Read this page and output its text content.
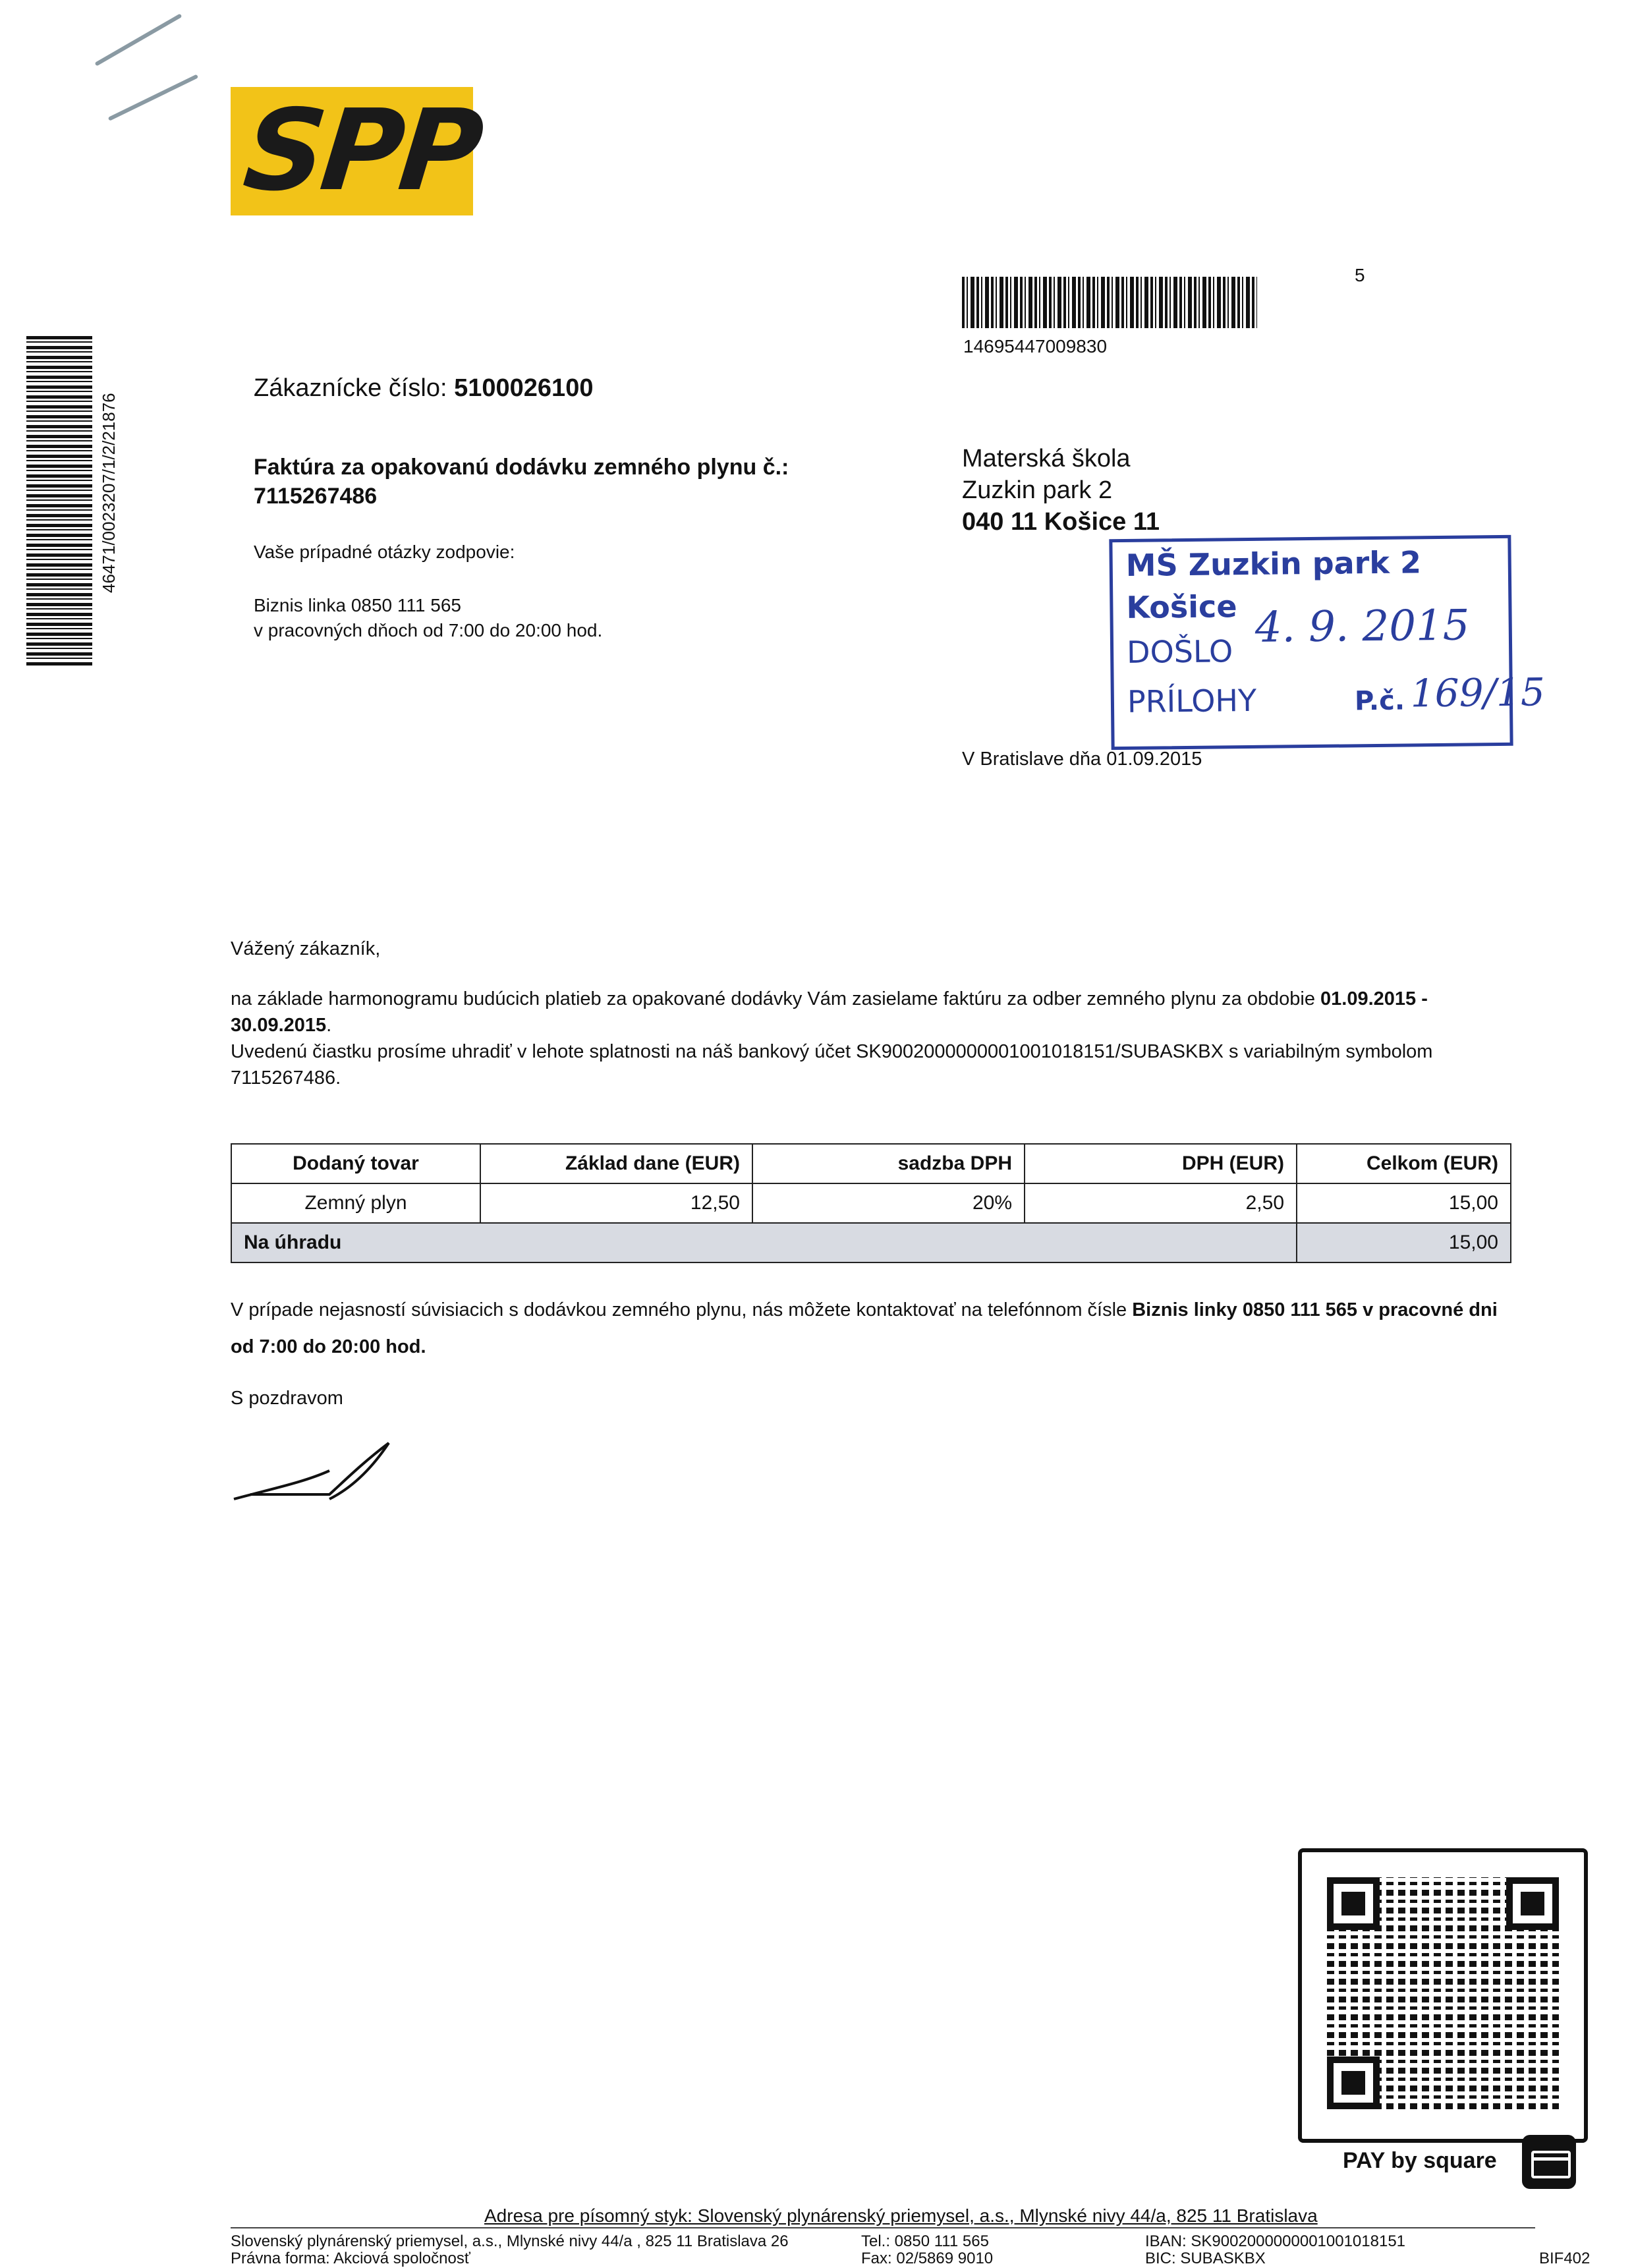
SPP
46471/0023207/1/2/21876
14695447009830
5
Zákaznícke číslo: 5100026100
Faktúra za opakovanú dodávku zemného plynu č.:
7115267486
Vaše prípadné otázky zodpovie:
Biznis linka 0850 111 565
v pracovných dňoch od 7:00 do 20:00 hod.
Materská škola
Zuzkin park 2
040 11 Košice 11
MŠ Zuzkin park 2
Košice
DOŠLO
PRÍLOHY	P.č.
4. 9. 2015
169/15
V Bratislave dňa 01.09.2015
Vážený zákazník,
na základe harmonogramu budúcich platieb za opakované dodávky Vám zasielame faktúru za odber zemného plynu za obdobie 01.09.2015 - 30.09.2015.
Uvedenú čiastku prosíme uhradiť v lehote splatnosti na náš bankový účet SK9002000000001001018151/SUBASKBX s variabilným symbolom 7115267486.
Dodaný tovar	Základ dane (EUR)	sadzba DPH	DPH (EUR)	Celkom (EUR)
Zemný plyn	12,50	20%	2,50	15,00
Na úhradu				15,00
V prípade nejasností súvisiacich s dodávkou zemného plynu, nás môžete kontaktovať na telefónnom čísle Biznis linky 0850 111 565 v pracovné dni od 7:00 do 20:00 hod.
S pozdravom
PAY by square
Adresa pre písomný styk: Slovenský plynárenský priemysel, a.s., Mlynské nivy 44/a, 825 11 Bratislava
Slovenský plynárenský priemysel, a.s., Mlynské nivy 44/a , 825 11 Bratislava 26
Právna forma: Akciová spoločnosť
Tel.: 0850 111 565
Fax: 02/5869 9010
IBAN: SK9002000000001001018151
BIC: SUBASKBX	BIF402
